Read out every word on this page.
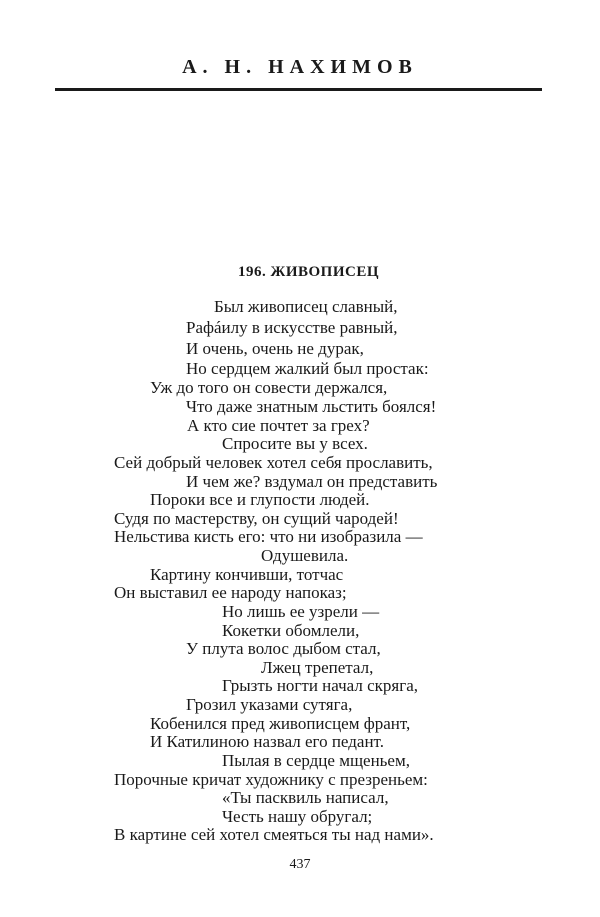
А. Н. НАХИМОВ
196. ЖИВОПИСЕЦ
Был живописец славный,
Рафáилу в искусстве равный,
И очень, очень не дурак,
Но сердцем жалкий был простак:
Уж до того он совести держался,
Что даже знатным льстить боялся!
А кто сие почтет за грех?
Спросите вы у всех.
Сей добрый человек хотел себя прославить,
И чем же? вздумал он представить
Пороки все и глупости людей.
Судя по мастерству, он сущий чародей!
Нельстива кисть его: что ни изобразила —
Одушевила.
Картину кончивши, тотчас
Он выставил ее народу напоказ;
Но лишь ее узрели —
Кокетки обомлели,
У плута волос дыбом стал,
Лжец трепетал,
Грызть ногти начал скряга,
Грозил указами сутяга,
Кобенился пред живописцем франт,
И Катилиною назвал его педант.
Пылая в сердце мщеньем,
Порочные кричат художнику с презреньем:
«Ты пасквиль написал,
Честь нашу обругал;
В картине сей хотел смеяться ты над нами».
437
